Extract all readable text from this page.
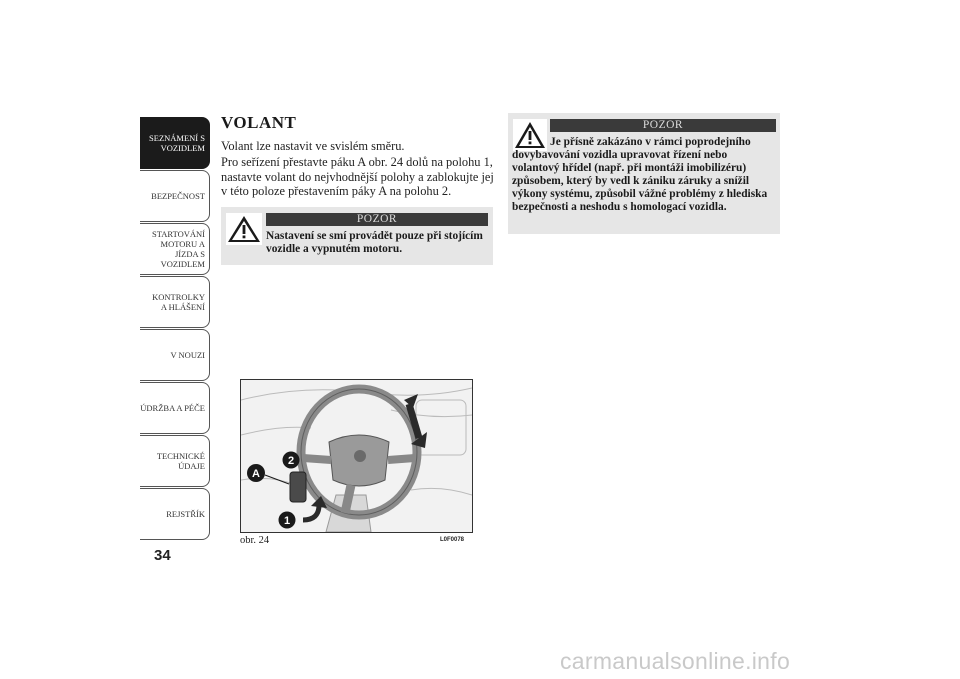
SEZNÁMENÍ S VOZIDLEM
BEZPEČNOST
STARTOVÁNÍ MOTORU A JÍZDA S VOZIDLEM
KONTROLKY A HLÁŠENÍ
V NOUZI
ÚDRŽBA A PÉČE
TECHNICKÉ ÚDAJE
REJSTŘÍK
34
VOLANT

Volant lze nastavit ve svislém směru.

Pro seřízení přestavte páku A obr. 24 dolů na polohu 1, nastavte volant do nejvhodnější polohy a zablokujte jej v této poloze přestavením páky A na polohu 2.

POZOR

Nastavení se smí provádět pouze při stojícím vozidle a vypnutém motoru.

POZOR

Je přísně zakázáno v rámci poprodejního dovybavování vozidla upravovat řízení nebo volantový hřídel (např. při montáži imobilizéru) způsobem, který by vedl k zániku záruky a snížil výkony systému, způsobil vážné problémy z hlediska bezpečnosti a neshodu s homologací vozidla.

A
2
1
obr. 24	L0F0078
carmanualsonline.info
